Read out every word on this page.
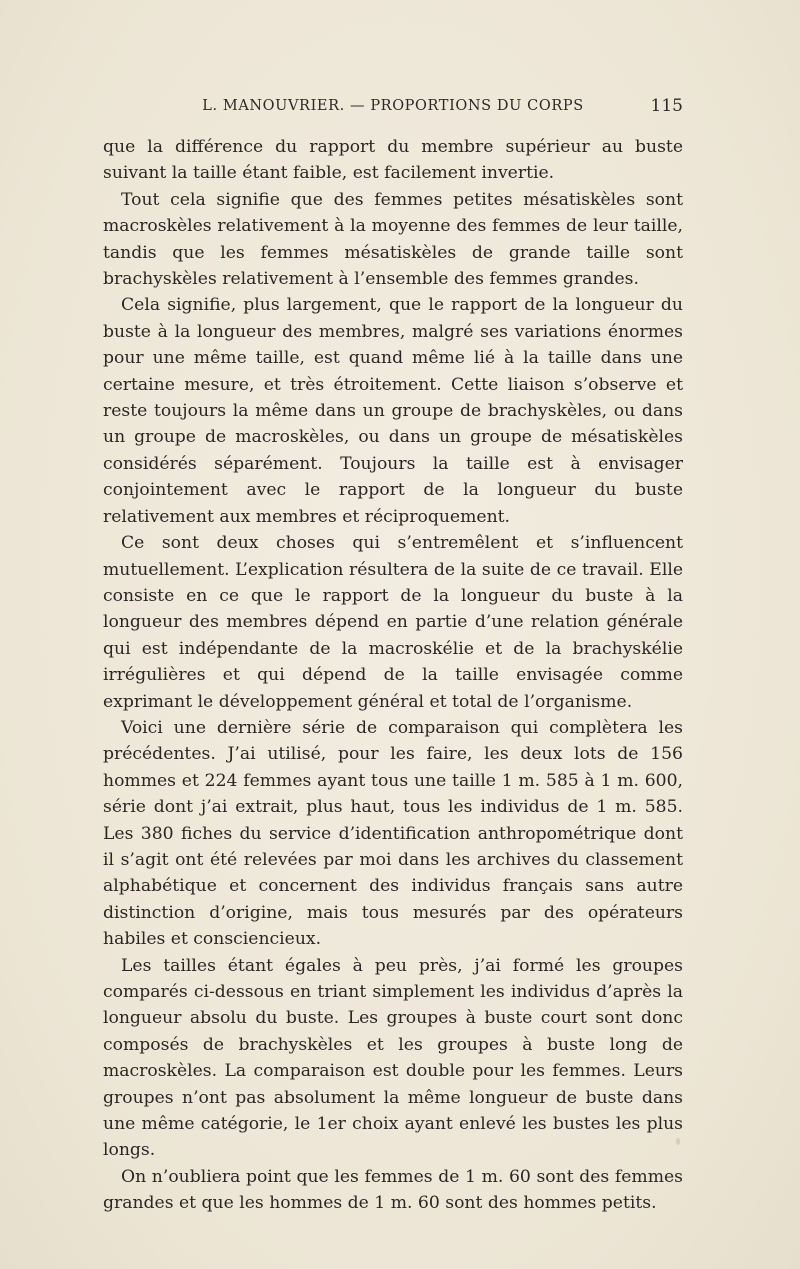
L. MANOUVRIER. — PROPORTIONS DU CORPS	115

que la différence du rapport du membre supérieur au buste suivant la taille étant faible, est facilement invertie.

Tout cela signifie que des femmes petites mésatiskèles sont macroskèles relativement à la moyenne des femmes de leur taille, tandis que les femmes mésatiskèles de grande taille sont brachyskèles relativement à l’ensemble des femmes grandes.

Cela signifie, plus largement, que le rapport de la longueur du buste à la longueur des membres, malgré ses variations énormes pour une même taille, est quand même lié à la taille dans une certaine mesure, et très étroitement. Cette liaison s’observe et reste toujours la même dans un groupe de brachyskèles, ou dans un groupe de macroskèles, ou dans un groupe de mésatiskèles considérés séparément. Toujours la taille est à envisager conjointement avec le rapport de la longueur du buste relativement aux membres et réciproquement.

Ce sont deux choses qui s’entremêlent et s’influencent mutuellement. L’explication résultera de la suite de ce travail. Elle consiste en ce que le rapport de la longueur du buste à la longueur des membres dépend en partie d’une relation générale qui est indépendante de la macroskélie et de la brachyskélie irrégulières et qui dépend de la taille envisagée comme exprimant le développement général et total de l’organisme.

Voici une dernière série de comparaison qui complètera les précédentes. J’ai utilisé, pour les faire, les deux lots de 156 hommes et 224 femmes ayant tous une taille 1 m. 585 à 1 m. 600, série dont j’ai extrait, plus haut, tous les individus de 1 m. 585. Les 380 fiches du service d’identification anthropométrique dont il s’agit ont été relevées par moi dans les archives du classement alphabétique et concernent des individus français sans autre distinction d’origine, mais tous mesurés par des opérateurs habiles et consciencieux.

Les tailles étant égales à peu près, j’ai formé les groupes comparés ci-dessous en triant simplement les individus d’après la longueur absolu du buste. Les groupes à buste court sont donc composés de brachyskèles et les groupes à buste long de macroskèles. La comparaison est double pour les femmes. Leurs groupes n’ont pas absolument la même longueur de buste dans une même catégorie, le 1er choix ayant enlevé les bustes les plus longs.

On n’oubliera point que les femmes de 1 m. 60 sont des femmes grandes et que les hommes de 1 m. 60 sont des hommes petits.
